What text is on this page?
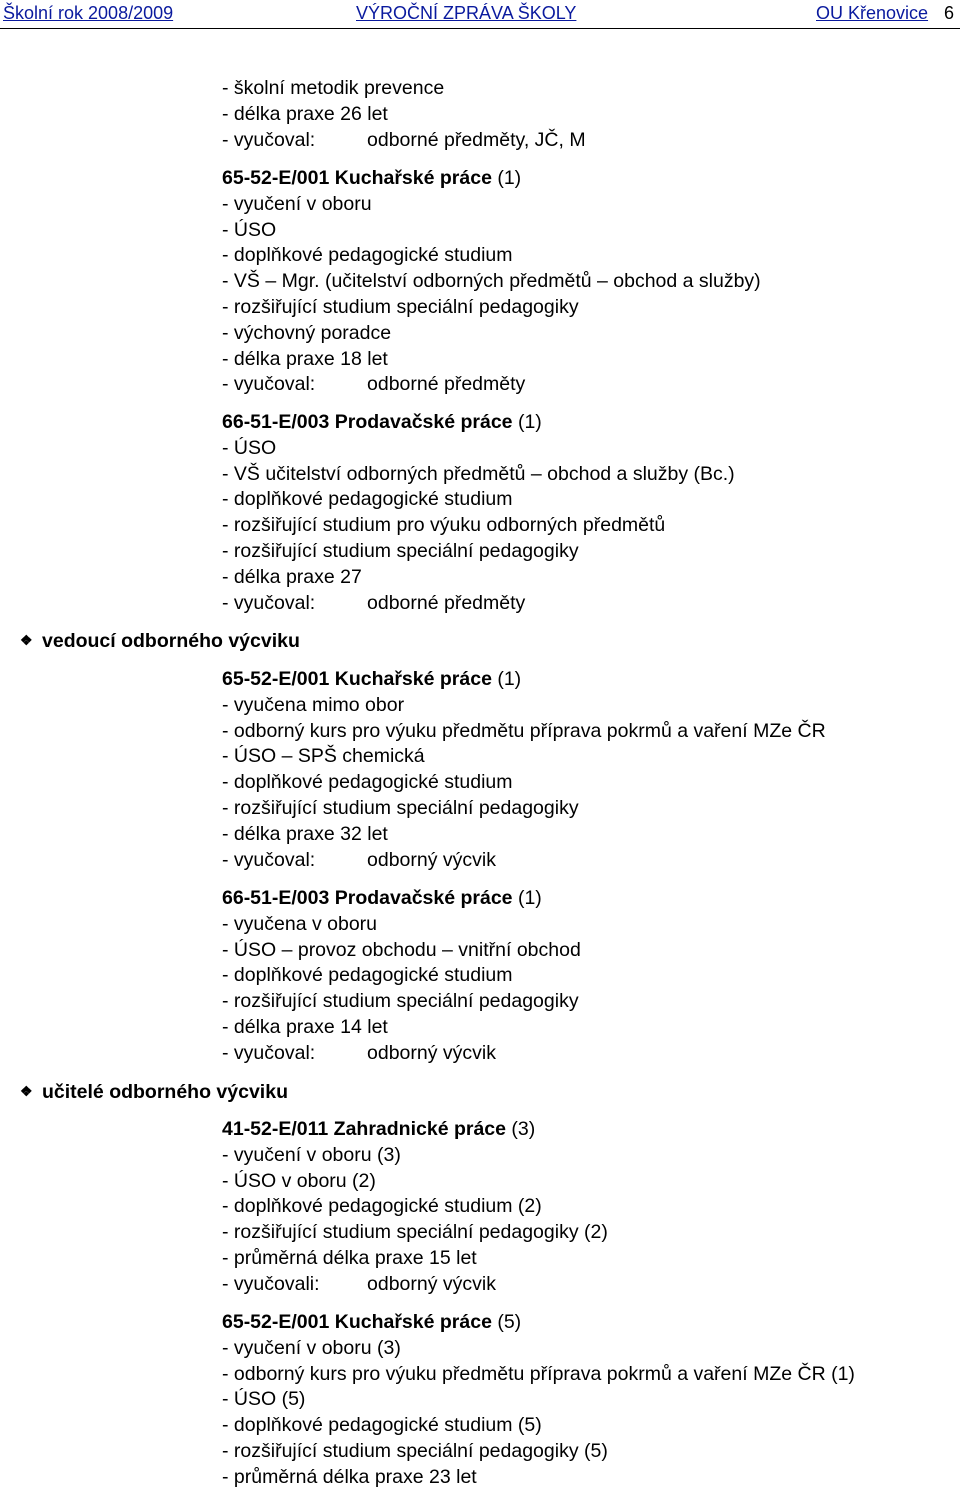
Školní rok 2008/2009	VÝROČNÍ ZPRÁVA ŠKOLY	OU Křenovice 6
- školní metodik prevence
- délka praxe 26 let
- vyučoval:	odborné předměty, JČ, M
65-52-E/001 Kuchařské práce (1)
- vyučení v oboru
- ÚSO
- doplňkové pedagogické studium
- VŠ – Mgr. (učitelství odborných předmětů – obchod a služby)
- rozšiřující studium speciální pedagogiky
- výchovný poradce
- délka praxe 18 let
- vyučoval:	odborné předměty
66-51-E/003 Prodavačské práce (1)
- ÚSO
- VŠ učitelství odborných předmětů – obchod a služby (Bc.)
- doplňkové pedagogické studium
- rozšiřující studium pro výuku odborných předmětů
- rozšiřující studium speciální pedagogiky
- délka praxe 27
- vyučoval:	odborné předměty
❖ vedoucí odborného výcviku
65-52-E/001 Kuchařské práce (1)
- vyučena mimo obor
- odborný kurs pro výuku předmětu příprava pokrmů a vaření MZe ČR
- ÚSO – SPŠ chemická
- doplňkové pedagogické studium
- rozšiřující studium speciální pedagogiky
- délka praxe 32 let
- vyučoval:	odborný výcvik
66-51-E/003 Prodavačské práce (1)
- vyučena v oboru
- ÚSO – provoz obchodu – vnitřní obchod
- doplňkové pedagogické studium
- rozšiřující studium speciální pedagogiky
- délka praxe 14 let
- vyučoval:	odborný výcvik
❖ učitelé odborného výcviku
41-52-E/011 Zahradnické práce (3)
- vyučení v oboru (3)
- ÚSO v oboru (2)
- doplňkové pedagogické studium (2)
- rozšiřující studium speciální pedagogiky (2)
- průměrná délka praxe 15 let
- vyučovali: odborný výcvik
65-52-E/001 Kuchařské práce (5)
- vyučení v oboru (3)
- odborný kurs pro výuku předmětu příprava pokrmů a vaření MZe ČR (1)
- ÚSO (5)
- doplňkové pedagogické studium (5)
- rozšiřující studium speciální pedagogiky (5)
- průměrná délka praxe 23 let
